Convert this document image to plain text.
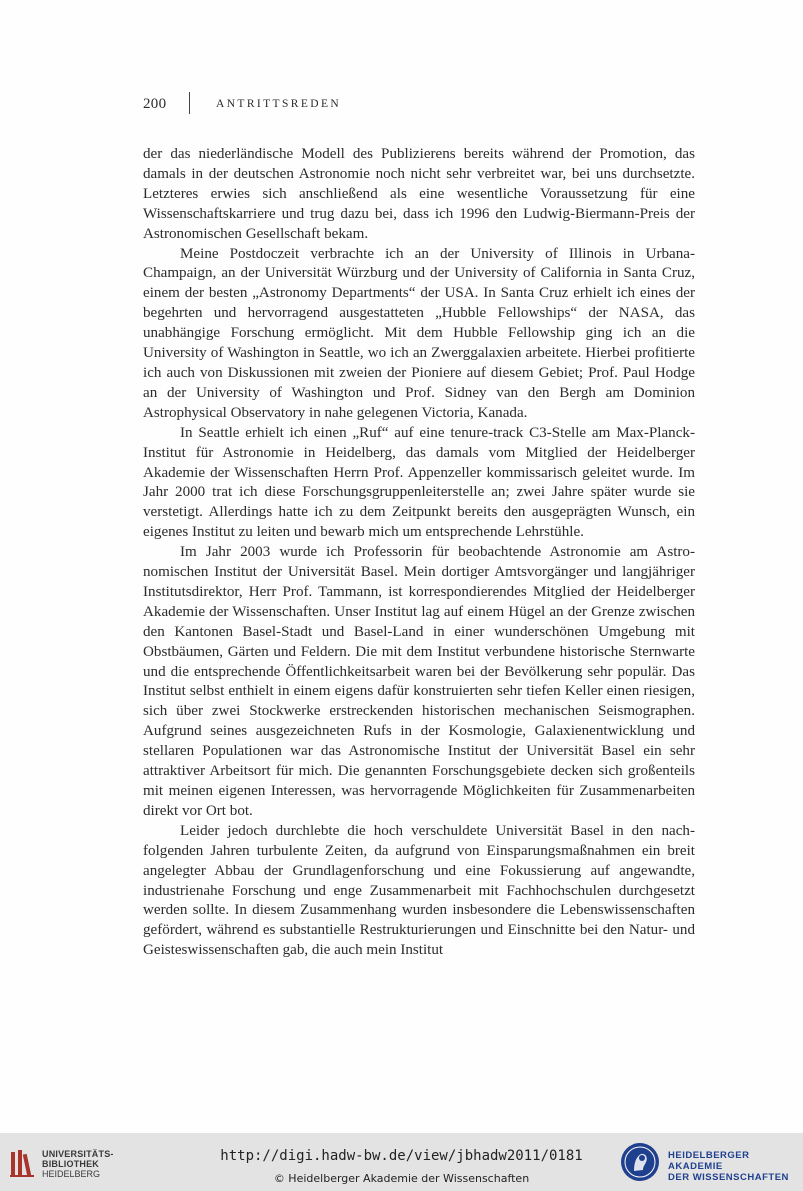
200	ANTRITTSREDEN

der das niederländische Modell des Publizierens bereits während der Promotion, das damals in der deutschen Astronomie noch nicht sehr verbreitet war, bei uns durchsetzte. Letzteres erwies sich anschließend als eine wesentliche Voraussetzung für eine Wissenschaftskarriere und trug dazu bei, dass ich 1996 den Ludwig-Biermann-Preis der Astronomischen Gesellschaft bekam.

Meine Postdoczeit verbrachte ich an der University of Illinois in Urbana-Champaign, an der Universität Würzburg und der University of California in Santa Cruz, einem der besten „Astronomy Departments“ der USA. In Santa Cruz erhielt ich eines der begehrten und hervorragend ausgestatteten „Hubble Fellowships“ der NASA, das unabhängige Forschung ermöglicht. Mit dem Hubble Fellowship ging ich an die University of Washington in Seattle, wo ich an Zwerggalaxien arbeitete. Hierbei profitierte ich auch von Diskussionen mit zweien der Pioniere auf diesem Gebiet; Prof. Paul Hodge an der University of Washington und Prof. Sidney van den Bergh am Dominion Astrophysical Observatory in nahe gelegenen Victoria, Kanada.

In Seattle erhielt ich einen „Ruf“ auf eine tenure-track C3-Stelle am Max-Planck-Institut für Astronomie in Heidelberg, das damals vom Mitglied der Heidelberger Akademie der Wissenschaften Herrn Prof. Appenzeller kommissarisch geleitet wurde. Im Jahr 2000 trat ich diese Forschungsgruppenleiterstelle an; zwei Jahre später wurde sie verstetigt. Allerdings hatte ich zu dem Zeitpunkt bereits den ausgeprägten Wunsch, ein eigenes Institut zu leiten und bewarb mich um entsprechende Lehrstühle.

Im Jahr 2003 wurde ich Professorin für beobachtende Astronomie am Astronomischen Institut der Universität Basel. Mein dortiger Amtsvorgänger und langjähriger Institutsdirektor, Herr Prof. Tammann, ist korrespondierendes Mitglied der Heidelberger Akademie der Wissenschaften. Unser Institut lag auf einem Hügel an der Grenze zwischen den Kantonen Basel-Stadt und Basel-Land in einer wunderschönen Umgebung mit Obstbäumen, Gärten und Feldern. Die mit dem Institut verbundene historische Sternwarte und die entsprechende Öffentlichkeitsarbeit waren bei der Bevölkerung sehr populär. Das Institut selbst enthielt in einem eigens dafür konstruierten sehr tiefen Keller einen riesigen, sich über zwei Stockwerke erstreckenden historischen mechanischen Seismographen. Aufgrund seines ausgezeichneten Rufs in der Kosmologie, Galaxienentwicklung und stellaren Populationen war das Astronomische Institut der Universität Basel ein sehr attraktiver Arbeitsort für mich. Die genannten Forschungsgebiete decken sich großenteils mit meinen eigenen Interessen, was hervorragende Möglichkeiten für Zusammenarbeiten direkt vor Ort bot.

Leider jedoch durchlebte die hoch verschuldete Universität Basel in den nachfolgenden Jahren turbulente Zeiten, da aufgrund von Einsparungsmaßnahmen ein breit angelegter Abbau der Grundlagenforschung und eine Fokussierung auf angewandte, industrienahe Forschung und enge Zusammenarbeit mit Fachhochschulen durchgesetzt werden sollte. In diesem Zusammenhang wurden insbesondere die Lebenswissenschaften gefördert, während es substantielle Restrukturierungen und Einschnitte bei den Natur- und Geisteswissenschaften gab, die auch mein Institut

UNIVERSITÄTS-
BIBLIOTHEK
HEIDELBERG
http://digi.hadw-bw.de/view/jbhadw2011/0181
© Heidelberger Akademie der Wissenschaften
HEIDELBERGER AKADEMIE
DER WISSENSCHAFTEN
